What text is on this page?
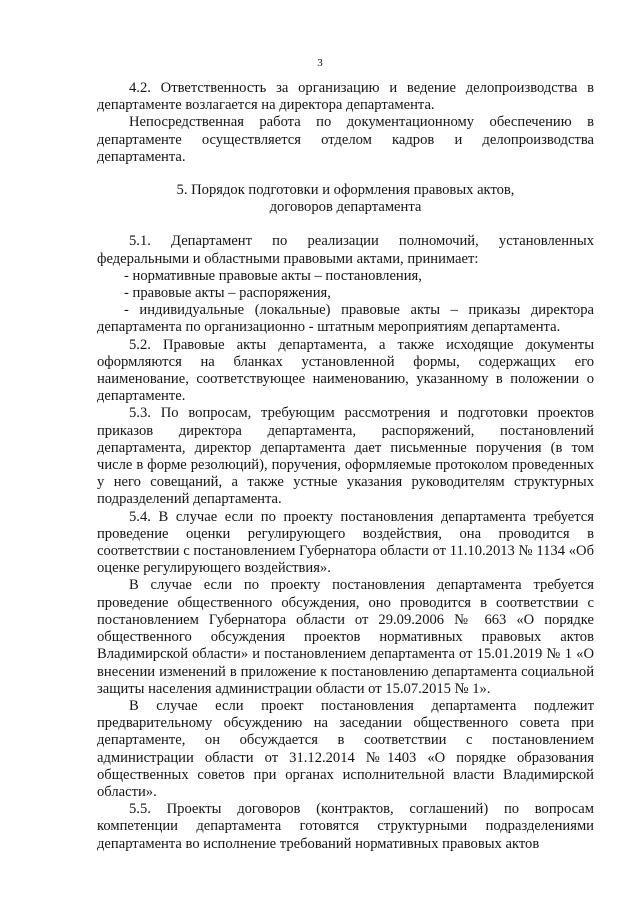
3

4.2. Ответственность за организацию и ведение делопроизводства в департаменте возлагается на директора департамента.

Непосредственная работа по документационному обеспечению в департаменте осуществляется отделом кадров и делопроизводства департамента.

5. Порядок подготовки и оформления правовых актов,
договоров департамента

5.1. Департамент по реализации полномочий, установленных федеральными и областными правовыми актами, принимает:

- нормативные правовые акты – постановления,

- правовые акты – распоряжения,

- индивидуальные (локальные) правовые акты – приказы директора департамента по организационно - штатным мероприятиям департамента.

5.2. Правовые акты департамента, а также исходящие документы оформляются на бланках установленной формы, содержащих его наименование, соответствующее наименованию, указанному в положении о департаменте.

5.3. По вопросам, требующим рассмотрения и подготовки проектов приказов директора департамента, распоряжений, постановлений департамента, директор департамента дает письменные поручения (в том числе в форме резолюций), поручения, оформляемые протоколом проведенных у него совещаний, а также устные указания руководителям структурных подразделений департамента.

5.4. В случае если по проекту постановления департамента требуется проведение оценки регулирующего воздействия, она проводится в соответствии с постановлением Губернатора области от 11.10.2013 № 1134 «Об оценке регулирующего воздействия».

В случае если по проекту постановления департамента требуется проведение общественного обсуждения, оно проводится в соответствии с постановлением Губернатора области от 29.09.2006 № 663 «О порядке общественного обсуждения проектов нормативных правовых актов Владимирской области» и постановлением департамента от 15.01.2019 № 1 «О внесении изменений в приложение к постановлению департамента социальной защиты населения администрации области от 15.07.2015 № 1».

В случае если проект постановления департамента подлежит предварительному обсуждению на заседании общественного совета при департаменте, он обсуждается в соответствии с постановлением администрации области от 31.12.2014 №1403 «О порядке образования общественных советов при органах исполнительной власти Владимирской области».

5.5. Проекты договоров (контрактов, соглашений) по вопросам компетенции департамента готовятся структурными подразделениями департамента во исполнение требований нормативных правовых актов
